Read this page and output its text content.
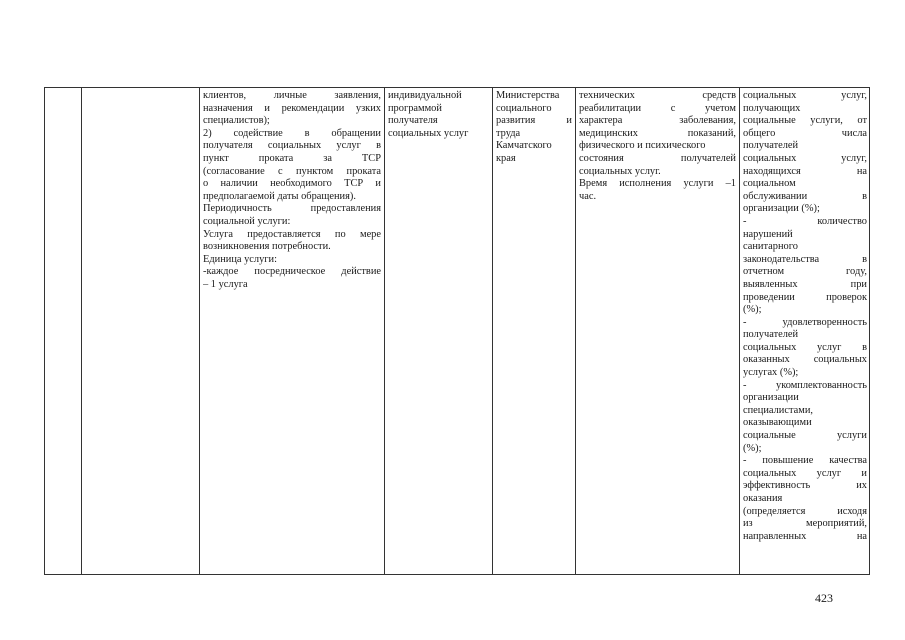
клиентов, личные заявления,
назначения и рекомендации узких
специалистов);
2) содействие в обращении
получателя социальных услуг в
пункт проката за ТСР
(согласование с пунктом проката
о наличии необходимого ТСР и
предполагаемой даты обращения).
Периодичность предоставления
социальной услуги:
Услуга предоставляется по мере
возникновения потребности.
Единица услуги:
-каждое посредническое действие
– 1 услуга
индивидуальной
программой
получателя
социальных услуг
Министерства
социального
развития и
труда
Камчатского
края
технических средств
реабилитации с учетом
характера заболевания,
медицинских показаний,
физического и психического
состояния получателей
социальных услуг.
Время исполнения услуги –1
час.
социальных услуг,
получающих
социальные услуги, от
общего числа
получателей
социальных услуг,
находящихся на
социальном
обслуживании в
организации (%);
- количество
нарушений
санитарного
законодательства в
отчетном году,
выявленных при
проведении проверок
(%);
- удовлетворенность
получателей
социальных услуг в
оказанных социальных
услугах (%);
- укомплектованность
организации
специалистами,
оказывающими
социальные услуги
(%);
- повышение качества
социальных услуг и
эффективность их
оказания
(определяется исходя
из мероприятий,
направленных на
423
